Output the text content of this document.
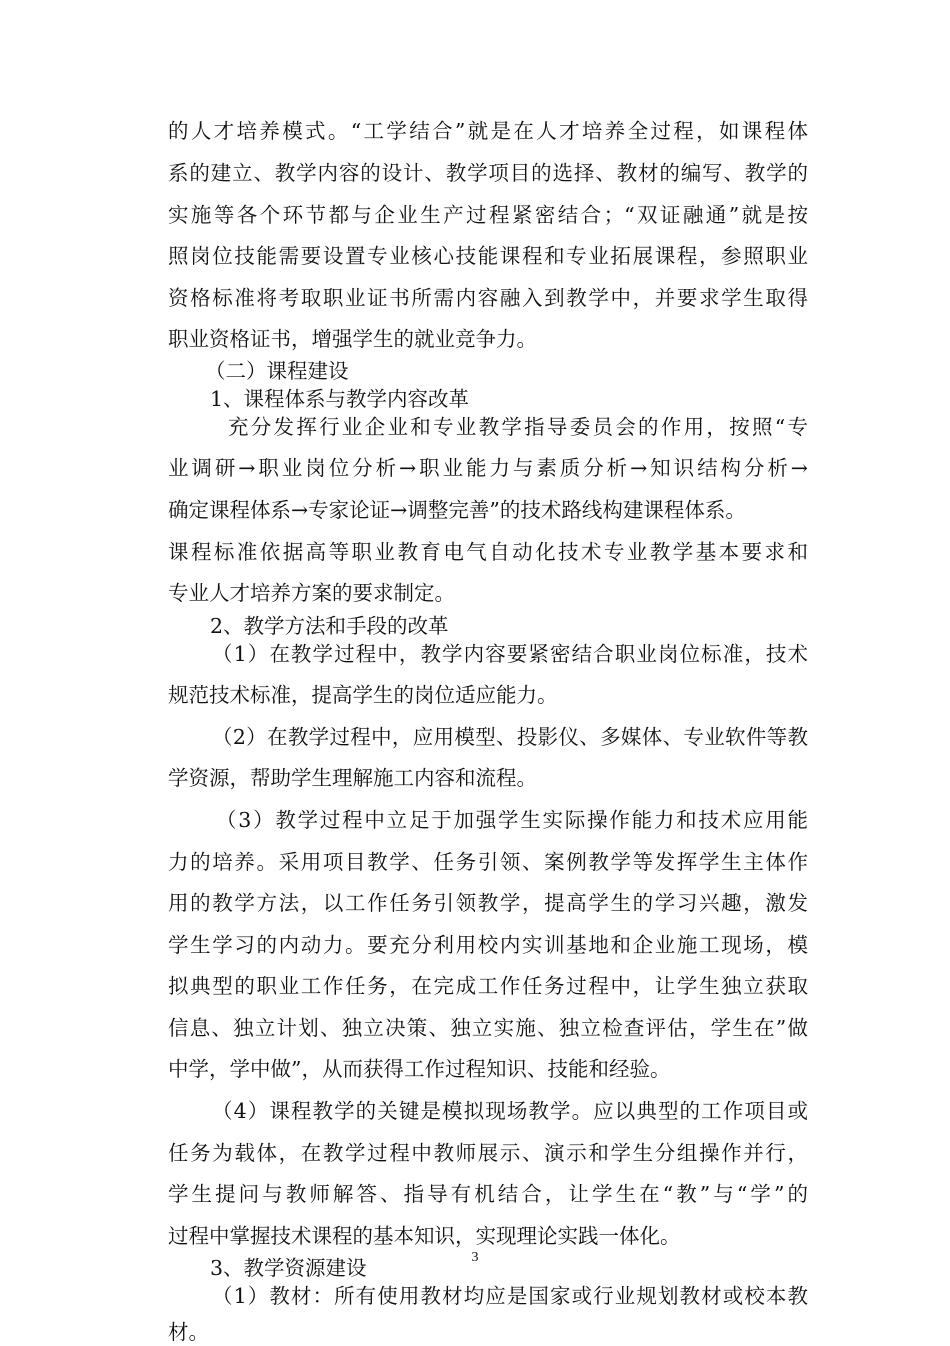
的人才培养模式。“工学结合”就是在人才培养全过程，如课程体
系的建立、教学内容的设计、教学项目的选择、教材的编写、教学的
实施等各个环节都与企业生产过程紧密结合；“双证融通”就是按
照岗位技能需要设置专业核心技能课程和专业拓展课程，参照职业
资格标准将考取职业证书所需内容融入到教学中，并要求学生取得
职业资格证书，增强学生的就业竞争力。
（二）课程建设
1、课程体系与教学内容改革
充分发挥行业企业和专业教学指导委员会的作用，按照“专
业调研→职业岗位分析→职业能力与素质分析→知识结构分析→
确定课程体系→专家论证→调整完善”的技术路线构建课程体系。
课程标准依据高等职业教育电气自动化技术专业教学基本要求和
专业人才培养方案的要求制定。
2、教学方法和手段的改革
（1）在教学过程中，教学内容要紧密结合职业岗位标准，技术
规范技术标准，提高学生的岗位适应能力。
（2）在教学过程中，应用模型、投影仪、多媒体、专业软件等教
学资源，帮助学生理解施工内容和流程。
（3）教学过程中立足于加强学生实际操作能力和技术应用能
力的培养。采用项目教学、任务引领、案例教学等发挥学生主体作
用的教学方法，以工作任务引领教学，提高学生的学习兴趣，激发
学生学习的内动力。要充分利用校内实训基地和企业施工现场，模
拟典型的职业工作任务，在完成工作任务过程中，让学生独立获取
信息、独立计划、独立决策、独立实施、独立检查评估，学生在”做
中学，学中做”，从而获得工作过程知识、技能和经验。
（4）课程教学的关键是模拟现场教学。应以典型的工作项目或
任务为载体，在教学过程中教师展示、演示和学生分组操作并行，
学生提问与教师解答、指导有机结合，让学生在“教”与“学”的
过程中掌握技术课程的基本知识，实现理论实践一体化。
3、教学资源建设
（1）教材：所有使用教材均应是国家或行业规划教材或校本教
材。
3
